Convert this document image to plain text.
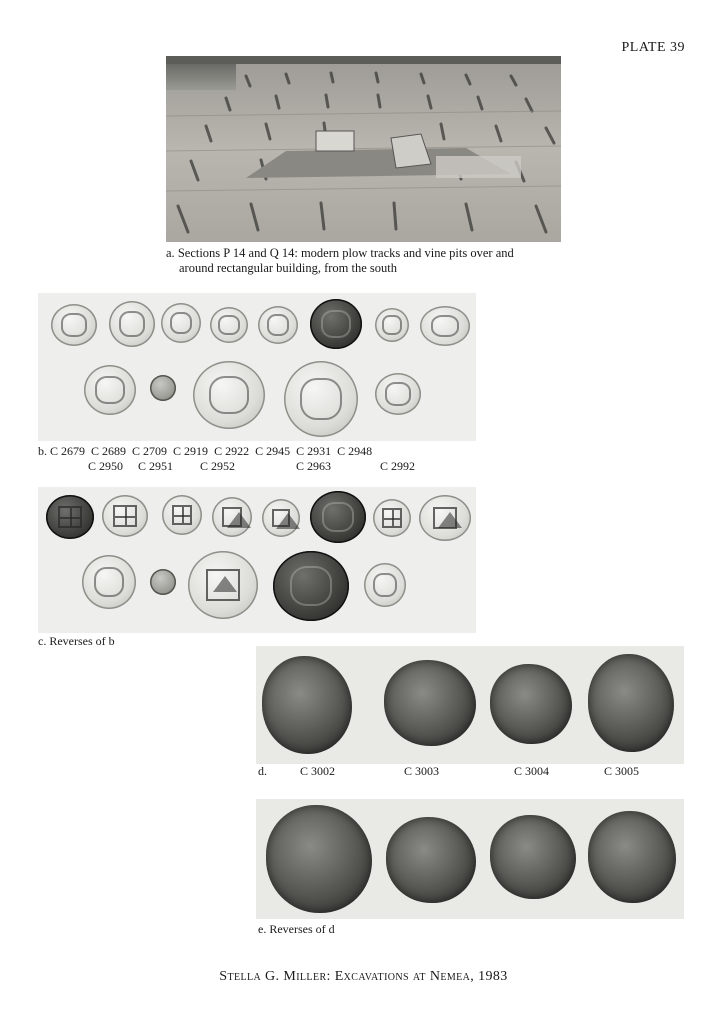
PLATE 39
a. Sections P 14 and Q 14: modern plow tracks and vine pits over and
around rectangular building, from the south
b. C 2679 C 2689 C 2709 C 2919 C 2922 C 2945 C 2931 C 2948
C 2950 C 2951 C 2952	C 2963	C 2992
c. Reverses of b
d.	C 3002	C 3003	C 3004	C 3005
e. Reverses of d
Stella G. Miller: Excavations at Nemea, 1983
